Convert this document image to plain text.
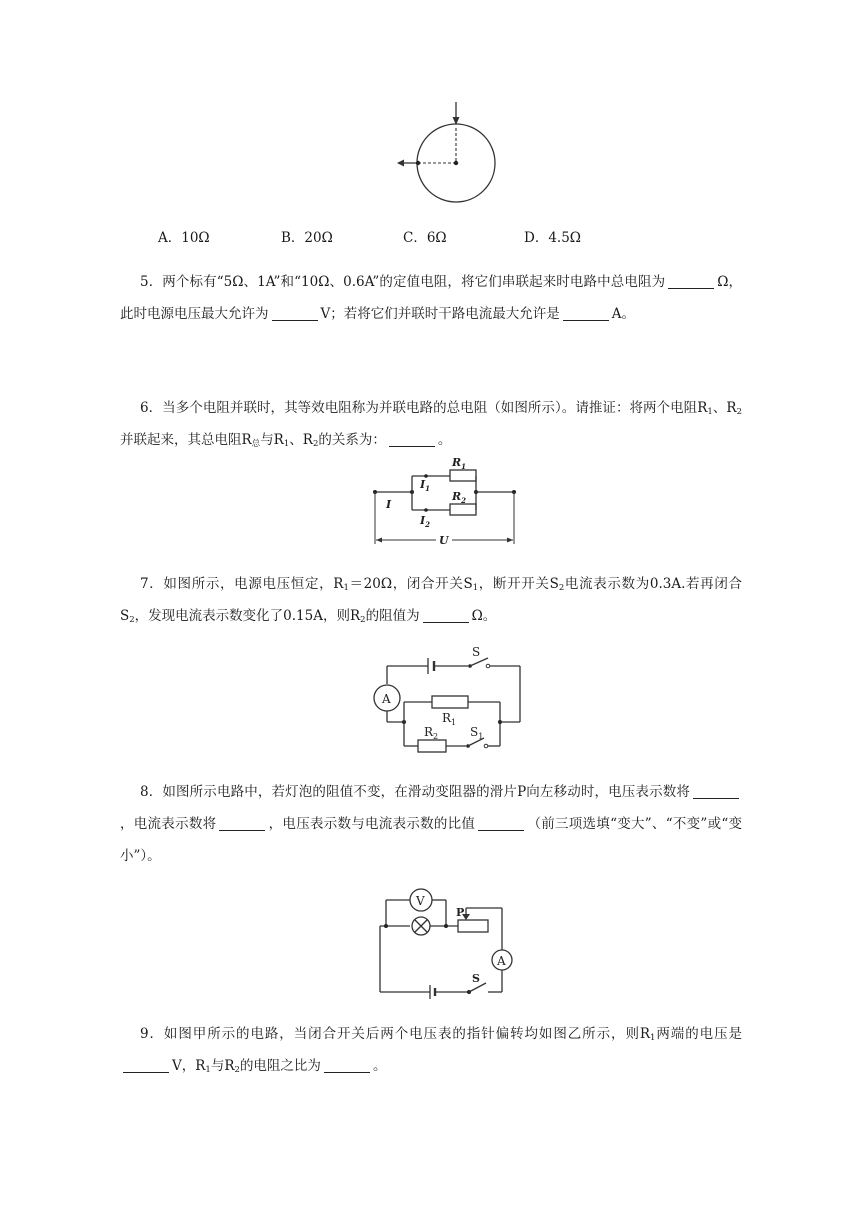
A．10Ω	B．20Ω	C．6Ω	D．4.5Ω
5．两个标有“5Ω、1A”和“10Ω、0.6A”的定值电阻，将它们串联起来时电路中总电阻为	Ω，此时电源电压最大允许为	V；若将它们并联时干路电流最大允许是	A。
6．当多个电阻并联时，其等效电阻称为并联电路的总电阻（如图所示）。请推证：将两个电阻$R_1$、$R_2$并联起来，其总电阻$R_总$与$R_1$、$R_2$的关系为：	。
$R_1$
$R_2$
I
$I_1$
$I_2$
U
7．如图所示，电源电压恒定，$R_1=20\Omega$，闭合开关$S_1$，断开开关$S_2$电流表示数为0.3A.若再闭合$S_2$，发现电流表示数变化了0.15A，则$R_2$的阻值为	Ω。
S
A
$R_1$
$R_2$	$S_1$
8．如图所示电路中，若灯泡的阻值不变，在滑动变阻器的滑片P向左移动时，电压表示数将，电流表示数将	，电压表示数与电流表示数的比值	（前三项选填“变大”、“不变”或“变小”）。
V
P
A
S
9．如图甲所示的电路，当闭合开关后两个电压表的指针偏转均如图乙所示，则$R_1$两端的电压是V，$R_1$与$R_2$的电阻之比为	。
